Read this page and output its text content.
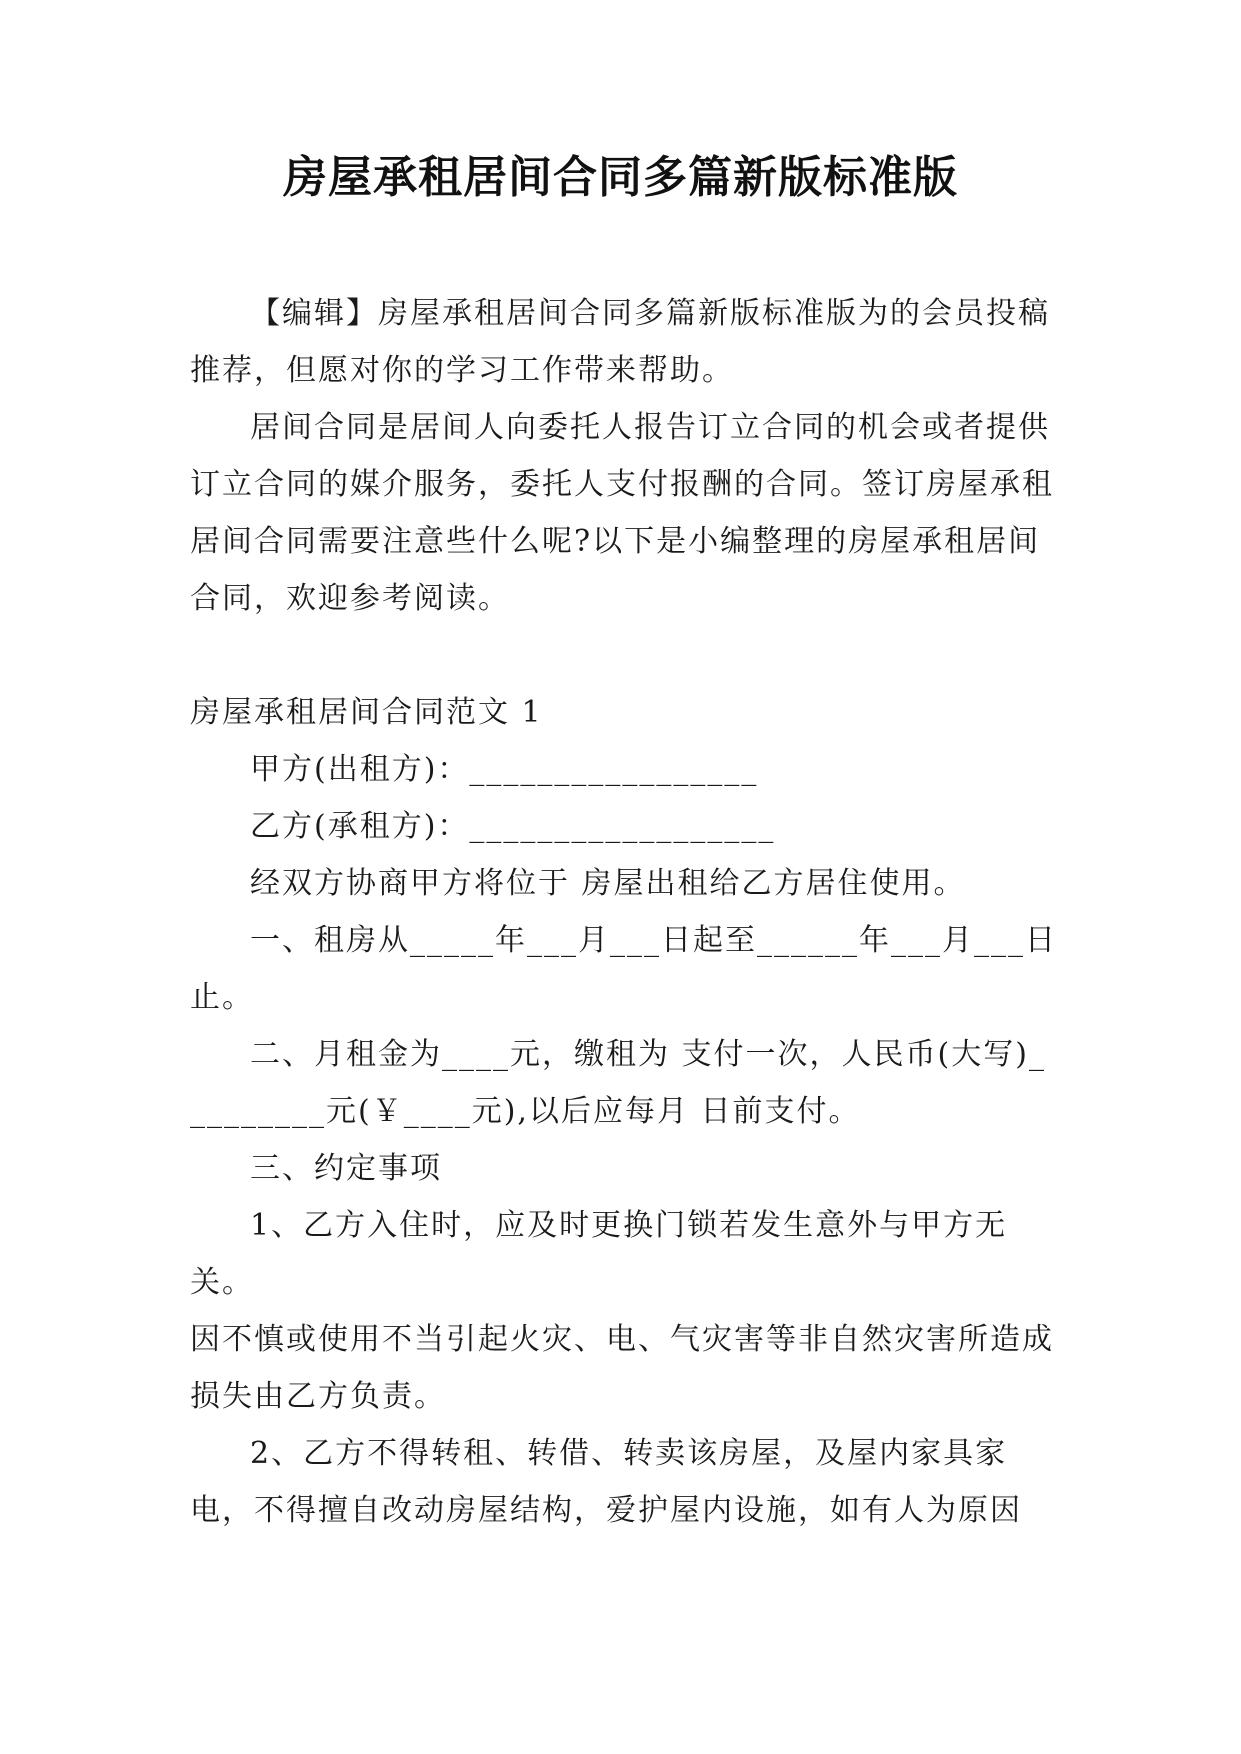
房屋承租居间合同多篇新版标准版

【编辑】房屋承租居间合同多篇新版标准版为的会员投稿推荐，但愿对你的学习工作带来帮助。

居间合同是居间人向委托人报告订立合同的机会或者提供订立合同的媒介服务，委托人支付报酬的合同。签订房屋承租居间合同需要注意些什么呢?以下是小编整理的房屋承租居间合同，欢迎参考阅读。

房屋承租居间合同范文 1

甲方(出租方)：_________________

乙方(承租方)：__________________

经双方协商甲方将位于 房屋出租给乙方居住使用。

一、租房从_____年___月___日起至______年___月___日止。

二、月租金为____元，缴租为 支付一次，人民币(大写)_________元(￥____元),以后应每月 日前支付。

三、约定事项

1、乙方入住时，应及时更换门锁若发生意外与甲方无关。

因不慎或使用不当引起火灾、电、气灾害等非自然灾害所造成损失由乙方负责。

2、乙方不得转租、转借、转卖该房屋，及屋内家具家电，不得擅自改动房屋结构，爱护屋内设施，如有人为原因
